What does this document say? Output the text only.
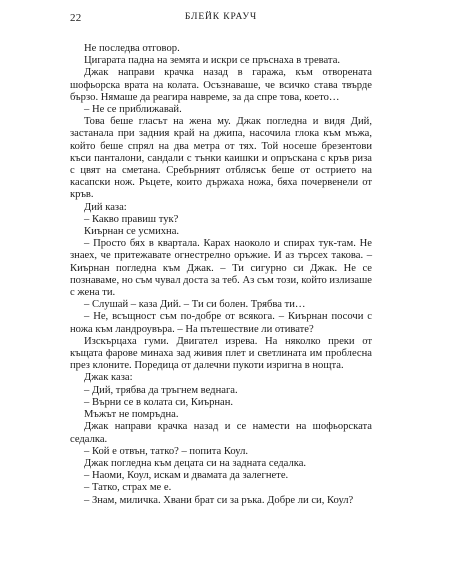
22	БЛЕЙК КРАУЧ

Не последва отговор.

Цигарата падна на земята и искри се пръснаха в тревата.

Джак направи крачка назад в гаража, към отворената шофьорска врата на колата. Осъзнаваше, че всичко става твърде бързо. Нямаше да реагира навреме, за да спре това, което…

– Не се приближавай.

Това беше гласът на жена му. Джак погледна и видя Дий, застанала при задния край на джипа, насочила глока към мъжа, който беше спрял на два метра от тях. Той носеше брезентови къси панталони, сандали с тънки каишки и опръскана с кръв риза с цвят на сметана. Сребърният отблясък беше от острието на касапски нож. Ръцете, които държаха ножа, бяха почервенели от кръв.

Дий каза:

– Какво правиш тук?

Киърнан се усмихна.

– Просто бях в квартала. Карах наоколо и спирах тук-там. Не знаех, че притежавате огнестрелно оръжие. И аз търсех такова. – Киърнан погледна към Джак. – Ти сигурно си Джак. Не се познаваме, но съм чувал доста за теб. Аз съм този, който излизаше с жена ти.

– Слушай – каза Дий. – Ти си болен. Трябва ти…

– Не, всъщност съм по-добре от всякога. – Киърнан посочи с ножа към ландроувъра. – На пътешествие ли отивате?

Изскърцаха гуми. Двигател изрева. На няколко преки от къщата фарове минаха зад живия плет и светлината им проблесна през клоните. Поредица от далечни пукоти изригна в нощта.

Джак каза:

– Дий, трябва да тръгнем веднага.

– Върни се в колата си, Киърнан.

Мъжът не помръдна.

Джак направи крачка назад и се намести на шофьорската седалка.

– Кой е отвън, татко? – попита Коул.

Джак погледна към децата си на задната седалка.

– Наоми, Коул, искам и двамата да залегнете.

– Татко, страх ме е.

– Знам, миличка. Хвани брат си за ръка. Добре ли си, Коул?
